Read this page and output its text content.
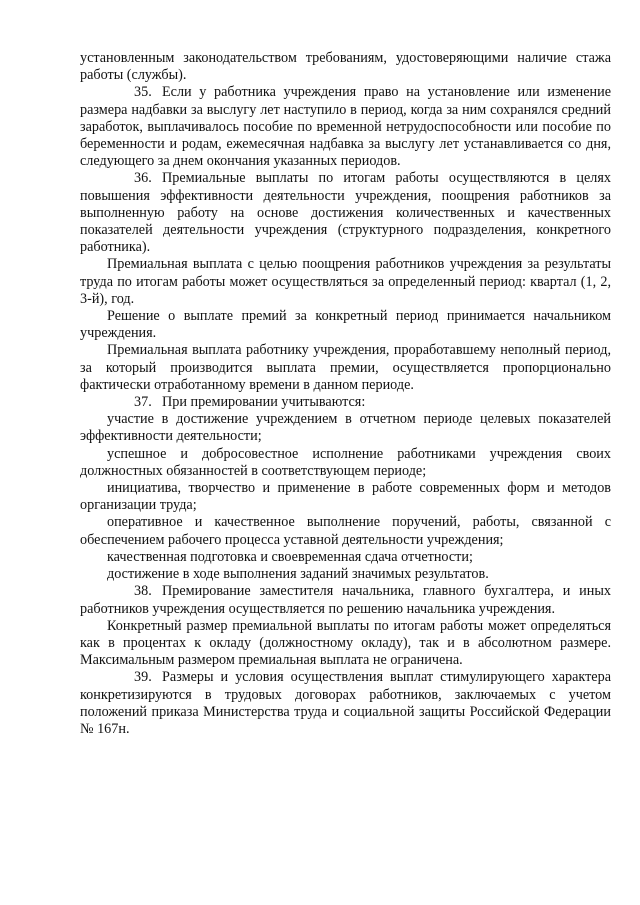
установленным законодательством требованиям, удостоверяющими наличие стажа работы (службы).

35. Если у работника учреждения право на установление или изменение размера надбавки за выслугу лет наступило в период, когда за ним сохранялся средний заработок, выплачивалось пособие по временной нетрудоспособности или пособие по беременности и родам, ежемесячная надбавка за выслугу лет устанавливается со дня, следующего за днем окончания указанных периодов.

36. Премиальные выплаты по итогам работы осуществляются в целях повышения эффективности деятельности учреждения, поощрения работников за выполненную работу на основе достижения количественных и качественных показателей деятельности учреждения (структурного подразделения, конкретного работника).

Премиальная выплата с целью поощрения работников учреждения за результаты труда по итогам работы может осуществляться за определенный период: квартал (1, 2, 3-й), год.

Решение о выплате премий за конкретный период принимается начальником учреждения.

Премиальная выплата работнику учреждения, проработавшему неполный период, за который производится выплата премии, осуществляется пропорционально фактически отработанному времени в данном периоде.

37. При премировании учитываются:

участие в достижение учреждением в отчетном периоде целевых показателей эффективности деятельности;

успешное и добросовестное исполнение работниками учреждения своих должностных обязанностей в соответствующем периоде;

инициатива, творчество и применение в работе современных форм и методов организации труда;

оперативное и качественное выполнение поручений, работы, связанной с обеспечением рабочего процесса уставной деятельности учреждения;

качественная подготовка и своевременная сдача отчетности;

достижение в ходе выполнения заданий значимых результатов.

38. Премирование заместителя начальника, главного бухгалтера, и иных работников учреждения осуществляется по решению начальника учреждения.

Конкретный размер премиальной выплаты по итогам работы может определяться как в процентах к окладу (должностному окладу), так и в абсолютном размере. Максимальным размером премиальная выплата не ограничена.

39. Размеры и условия осуществления выплат стимулирующего характера конкретизируются в трудовых договорах работников, заключаемых с учетом положений приказа Министерства труда и социальной защиты Российской Федерации № 167н.
